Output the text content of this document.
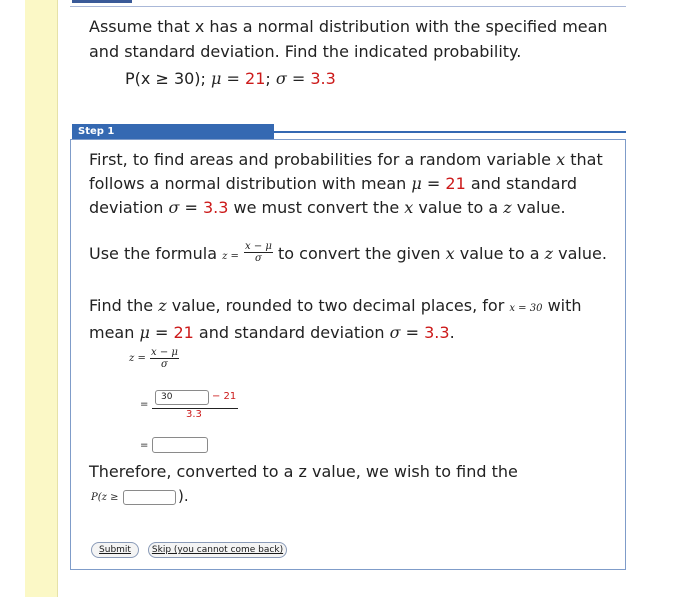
Assume that x has a normal distribution with the specified mean and standard deviation. Find the indicated probability.
P(x ≥ 30); μ = 21; σ = 3.3
Step 1
First, to find areas and probabilities for a random variable x that follows a normal distribution with mean μ = 21 and standard deviation σ = 3.3 we must convert the x value to a z value.
Use the formula $z = \frac{x - \mu}{\sigma}$ to convert the given x value to a z value.
Find the z value, rounded to two decimal places, for x = 30 with mean μ = 21 and standard deviation σ = 3.3.
$z = \frac{x - \mu}{\sigma}$
=
30	− 21
3.3
=
Therefore, converted to a z value, we wish to find the
P(z ≥	).
Submit	Skip (you cannot come back)
